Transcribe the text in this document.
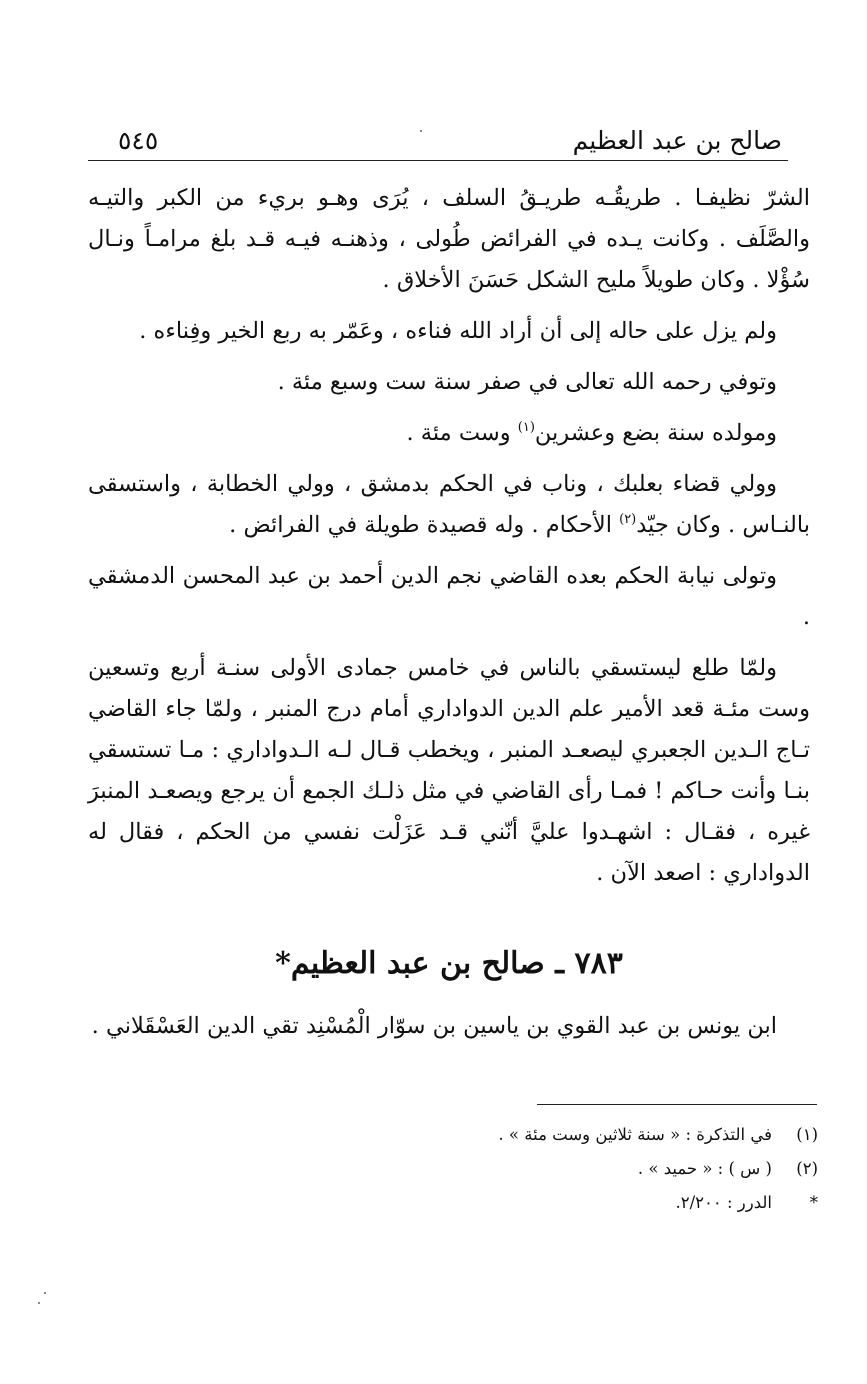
صالح بن عبد العظيم
٥٤٥

الشرّ نظيفـا . طريقُـه طريـقُ السلف ، يُرَى وهـو بريء من الكبر والتيـه والصَّلَف . وكانت يـده في الفرائض طُولى ، وذهنـه فيـه قـد بلغ مرامـاً ونـال سُؤْلا . وكان طويلاً مليح الشكل حَسَنَ الأخلاق .

ولم يزل على حاله إلى أن أراد الله فناءه ، وعَمّر به ربع الخير وفِناءه .

وتوفي رحمه الله تعالى في صفر سنة ست وسبع مئة .

ومولده سنة بضع وعشرين$^{(١)}$ وست مئة .

وولي قضاء بعلبك ، وناب في الحكم بدمشق ، وولي الخطابة ، واستسقى بالنـاس . وكان جيّد$^{(٢)}$ الأحكام . وله قصيدة طويلة في الفرائض .

وتولى نيابة الحكم بعده القاضي نجم الدين أحمد بن عبد المحسن الدمشقي .

ولمّا طلع ليستسقي بالناس في خامس جمادى الأولى سنـة أربع وتسعين وست مئـة قعد الأمير علم الدين الدواداري أمام درج المنبر ، ولمّا جاء القاضي تـاج الـدين الجعبري ليصعـد المنبر ، ويخطب قـال لـه الـدواداري : مـا تستسقي بنـا وأنت حـاكم ! فمـا رأى القاضي في مثل ذلـك الجمع أن يرجع ويصعـد المنبرَ غيره ، فقـال : اشهـدوا عليَّ أنّني قـد عَزَلْت نفسي من الحكم ، فقال له الدواداري : اصعد الآن .

٧٨٣ ـ صالح بن عبد العظيم*
ابن يونس بن عبد القوي بن ياسين بن سوّار الْمُسْنِد تقي الدين العَسْقَلاني .
(١)
في التذكرة : « سنة ثلاثين وست مئة » .
(٢)
( س ) : « حميد » .
*
الدرر : ٢/٢٠٠.
